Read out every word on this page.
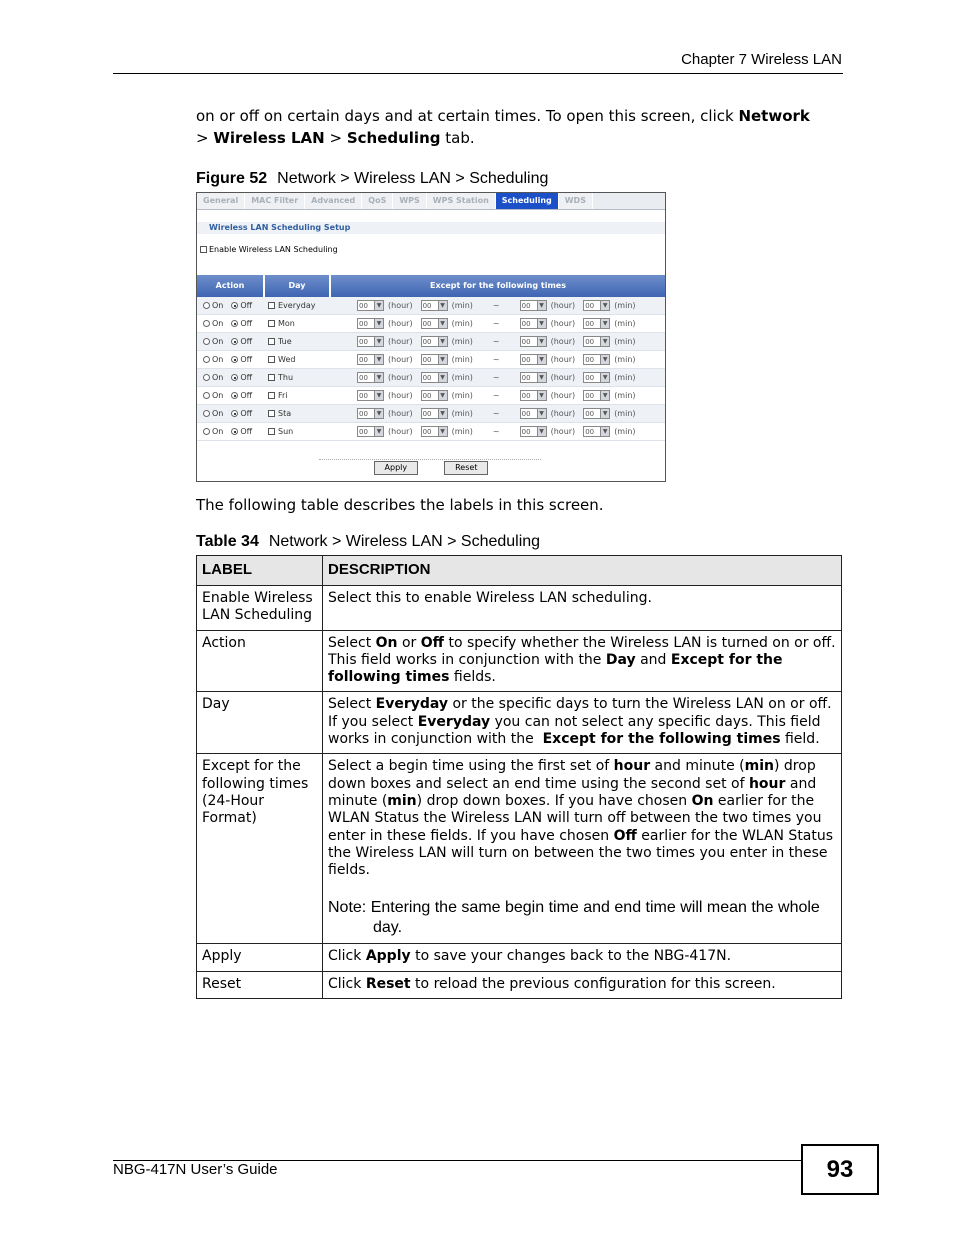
Chapter 7 Wireless LAN

on or off on certain days and at certain times. To open this screen, click Network
> Wireless LAN > Scheduling tab.

Figure 52 Network > Wireless LAN > Scheduling
General	MAC Filter	Advanced	QoS	WPS	WPS Station	Scheduling	WDS
Wireless LAN Scheduling Setup
Enable Wireless LAN Scheduling
Action	Day	Except for the following times
On Off	Everyday	00	▼ (hour) 00	▼ (min)	~	00	▼ (hour) 00	▼ (min)
On Off	Mon	00	▼ (hour) 00	▼ (min)	~	00	▼ (hour) 00	▼ (min)
On Off	Tue	00	▼ (hour) 00	▼ (min)	~	00	▼ (hour) 00	▼ (min)
On Off	Wed	00	▼ (hour) 00	▼ (min)	~	00	▼ (hour) 00	▼ (min)
On Off	Thu	00	▼ (hour) 00	▼ (min)	~	00	▼ (hour) 00	▼ (min)
On Off	Fri	00	▼ (hour) 00	▼ (min)	~	00	▼ (hour) 00	▼ (min)
On Off	Sta	00	▼ (hour) 00	▼ (min)	~	00	▼ (hour) 00	▼ (min)
On Off	Sun	00	▼ (hour) 00	▼ (min)	~	00	▼ (hour) 00	▼ (min)
Apply	Reset
The following table describes the labels in this screen.
Table 34 Network > Wireless LAN > Scheduling
LABEL	DESCRIPTION
Enable Wireless LAN Scheduling	Select this to enable Wireless LAN scheduling.
Action	Select On or Off to specify whether the Wireless LAN is turned on or off. This field works in conjunction with the Day and Except for the following times fields.
Day	Select Everyday or the specific days to turn the Wireless LAN on or off. If you select Everyday you can not select any specific days. This field works in conjunction with the  Except for the following times field.
Except for the following times (24-Hour Format)	Select a begin time using the first set of hour and minute (min) drop down boxes and select an end time using the second set of hour and minute (min) drop down boxes. If you have chosen On earlier for the WLAN Status the Wireless LAN will turn off between the two times you enter in these fields. If you have chosen Off earlier for the WLAN Status the Wireless LAN will turn on between the two times you enter in these fields.
Note: Entering the same begin time and end time will mean the whole day.

Apply	Click Apply to save your changes back to the NBG-417N.
Reset	Click Reset to reload the previous configuration for this screen.
NBG-417N User’s Guide	93
